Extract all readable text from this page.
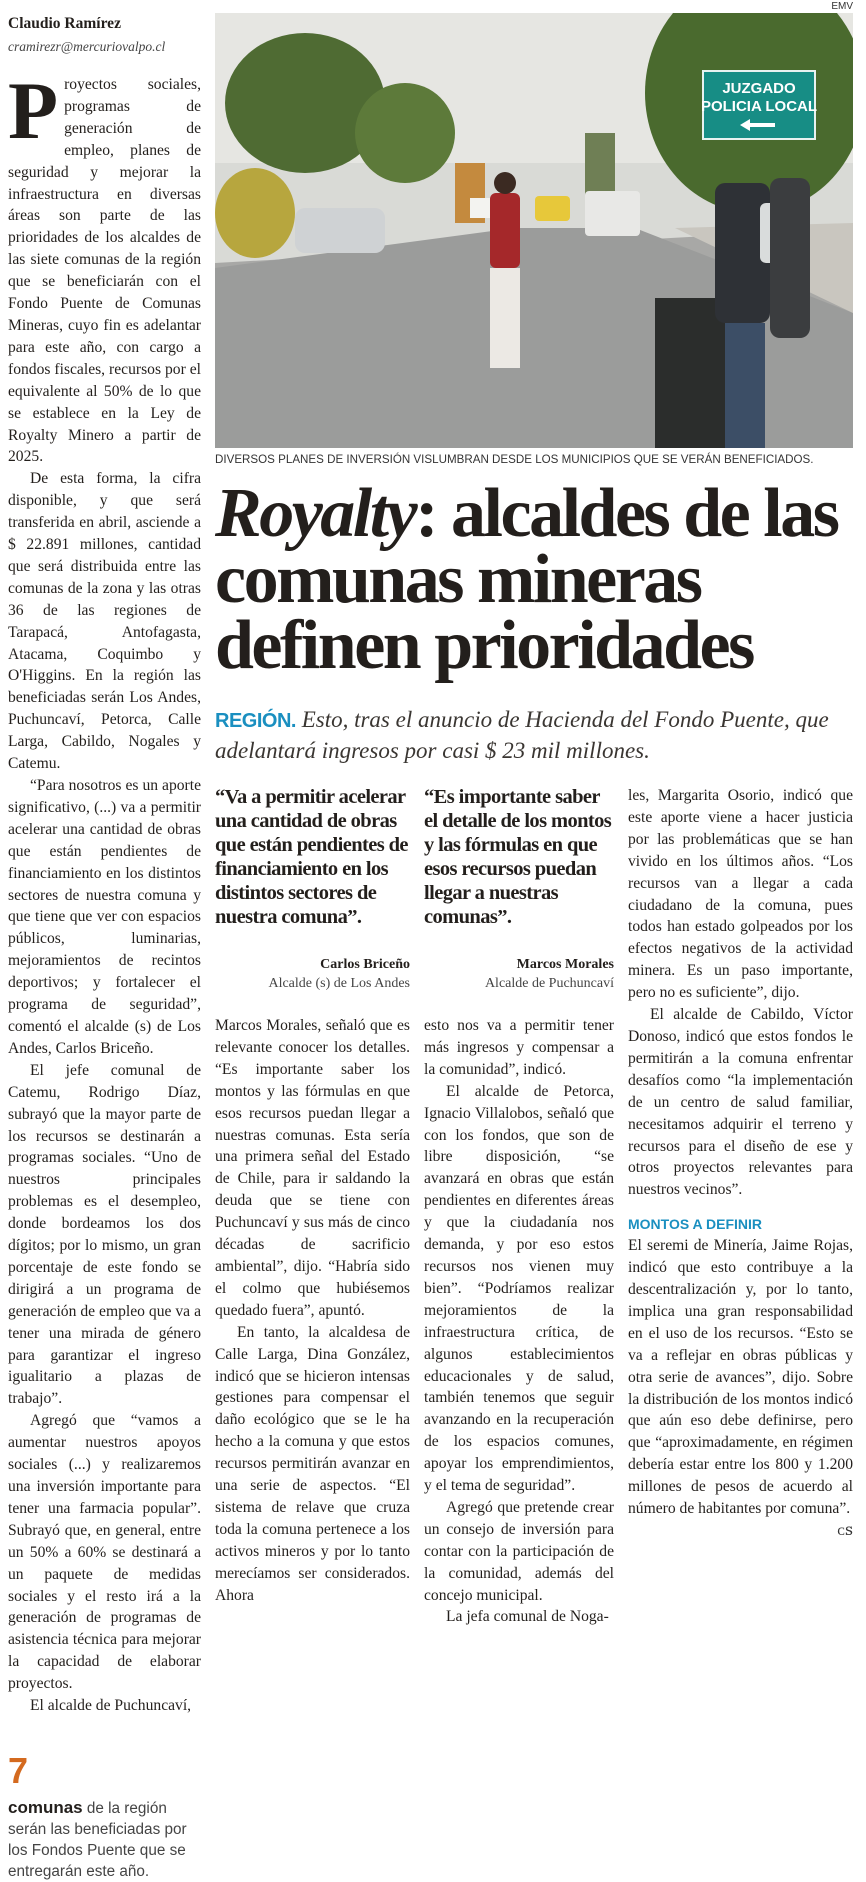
Claudio Ramírez
cramirezr@mercuriovalpo.cl

Proyectos sociales, programas de generación de empleo, planes de seguridad y mejorar la infraestructura en diversas áreas son parte de las prioridades de los alcaldes de las siete comunas de la región que se beneficiarán con el Fondo Puente de Comunas Mineras, cuyo fin es adelantar para este año, con cargo a fondos fiscales, recursos por el equivalente al 50% de lo que se establece en la Ley de Royalty Minero a partir de 2025.

De esta forma, la cifra disponible, y que será transferida en abril, asciende a $ 22.891 millones, cantidad que será distribuida entre las comunas de la zona y las otras 36 de las regiones de Tarapacá, Antofagasta, Atacama, Coquimbo y O'Higgins. En la región las beneficiadas serán Los Andes, Puchuncaví, Petorca, Calle Larga, Cabildo, Nogales y Catemu.

“Para nosotros es un aporte significativo, (...) va a permitir acelerar una cantidad de obras que están pendientes de financiamiento en los distintos sectores de nuestra comuna y que tiene que ver con espacios públicos, luminarias, mejoramientos de recintos deportivos; y fortalecer el programa de seguridad”, comentó el alcalde (s) de Los Andes, Carlos Briceño.

El jefe comunal de Catemu, Rodrigo Díaz, subrayó que la mayor parte de los recursos se destinarán a programas sociales. “Uno de nuestros principales problemas es el desempleo, donde bordeamos los dos dígitos; por lo mismo, un gran porcentaje de este fondo se dirigirá a un programa de generación de empleo que va a tener una mirada de género para garantizar el ingreso igualitario a plazas de trabajo”.

Agregó que “vamos a aumentar nuestros apoyos sociales (...) y realizaremos una inversión importante para tener una farmacia popular”. Subrayó que, en general, entre un 50% a 60% se destinará a un paquete de medidas sociales y el resto irá a la generación de programas de asistencia técnica para mejorar la capacidad de elaborar proyectos.

El alcalde de Puchuncaví,

7
comunas de la región serán las beneficiadas por los Fondos Puente que se entregarán este año.
EMV
JUZGADO
POLICIA LOCAL
DIVERSOS PLANES DE INVERSIÓN VISLUMBRAN DESDE LOS MUNICIPIOS QUE SE VERÁN BENEFICIADOS.
Royalty: alcaldes de las comunas mineras definen prioridades
REGIÓN. Esto, tras el anuncio de Hacienda del Fondo Puente, que adelantará ingresos por casi $ 23 mil millones.
“Va a permitir acelerar una cantidad de obras que están pendientes de financiamiento en los distintos sectores de nuestra comuna”.
Carlos Briceño
Alcalde (s) de Los Andes

Marcos Morales, señaló que es relevante conocer los detalles. “Es importante saber los montos y las fórmulas en que esos recursos puedan llegar a nuestras comunas. Esta sería una primera señal del Estado de Chile, para ir saldando la deuda que se tiene con Puchuncaví y sus más de cinco décadas de sacrificio ambiental”, dijo. “Habría sido el colmo que hubiésemos quedado fuera”, apuntó.

En tanto, la alcaldesa de Calle Larga, Dina González, indicó que se hicieron intensas gestiones para compensar el daño ecológico que se le ha hecho a la comuna y que estos recursos permitirán avanzar en una serie de aspectos. “El sistema de relave que cruza toda la comuna pertenece a los activos mineros y por lo tanto merecíamos ser considerados. Ahora

“Es importante saber el detalle de los montos y las fórmulas en que esos recursos puedan llegar a nuestras comunas”.
Marcos Morales
Alcalde de Puchuncaví

esto nos va a permitir tener más ingresos y compensar a la comunidad”, indicó.

El alcalde de Petorca, Ignacio Villalobos, señaló que con los fondos, que son de libre disposición, “se avanzará en obras que están pendientes en diferentes áreas y que la ciudadanía nos demanda, y por eso estos recursos nos vienen muy bien”. “Podríamos realizar mejoramientos de la infraestructura crítica, de algunos establecimientos educacionales y de salud, también tenemos que seguir avanzando en la recuperación de los espacios comunes, apoyar los emprendimientos, y el tema de seguridad”.

Agregó que pretende crear un consejo de inversión para contar con la participación de la comunidad, además del concejo municipal.

La jefa comunal de Noga-

les, Margarita Osorio, indicó que este aporte viene a hacer justicia por las problemáticas que se han vivido en los últimos años. “Los recursos van a llegar a cada ciudadano de la comuna, pues todos han estado golpeados por los efectos negativos de la actividad minera. Es un paso importante, pero no es suficiente”, dijo.

El alcalde de Cabildo, Víctor Donoso, indicó que estos fondos le permitirán a la comuna enfrentar desafíos como “la implementación de un centro de salud familiar, necesitamos adquirir el terreno y recursos para el diseño de ese y otros proyectos relevantes para nuestros vecinos”.

MONTOS A DEFINIR

El seremi de Minería, Jaime Rojas, indicó que esto contribuye a la descentralización y, por lo tanto, implica una gran responsabilidad en el uso de los recursos. “Esto se va a reflejar en obras públicas y otra serie de avances”, dijo. Sobre la distribución de los montos indicó que aún eso debe definirse, pero que “aproximadamente, en régimen debería estar entre los 800 y 1.200 millones de pesos de acuerdo al número de habitantes por comuna”.
ᴄꜱ
